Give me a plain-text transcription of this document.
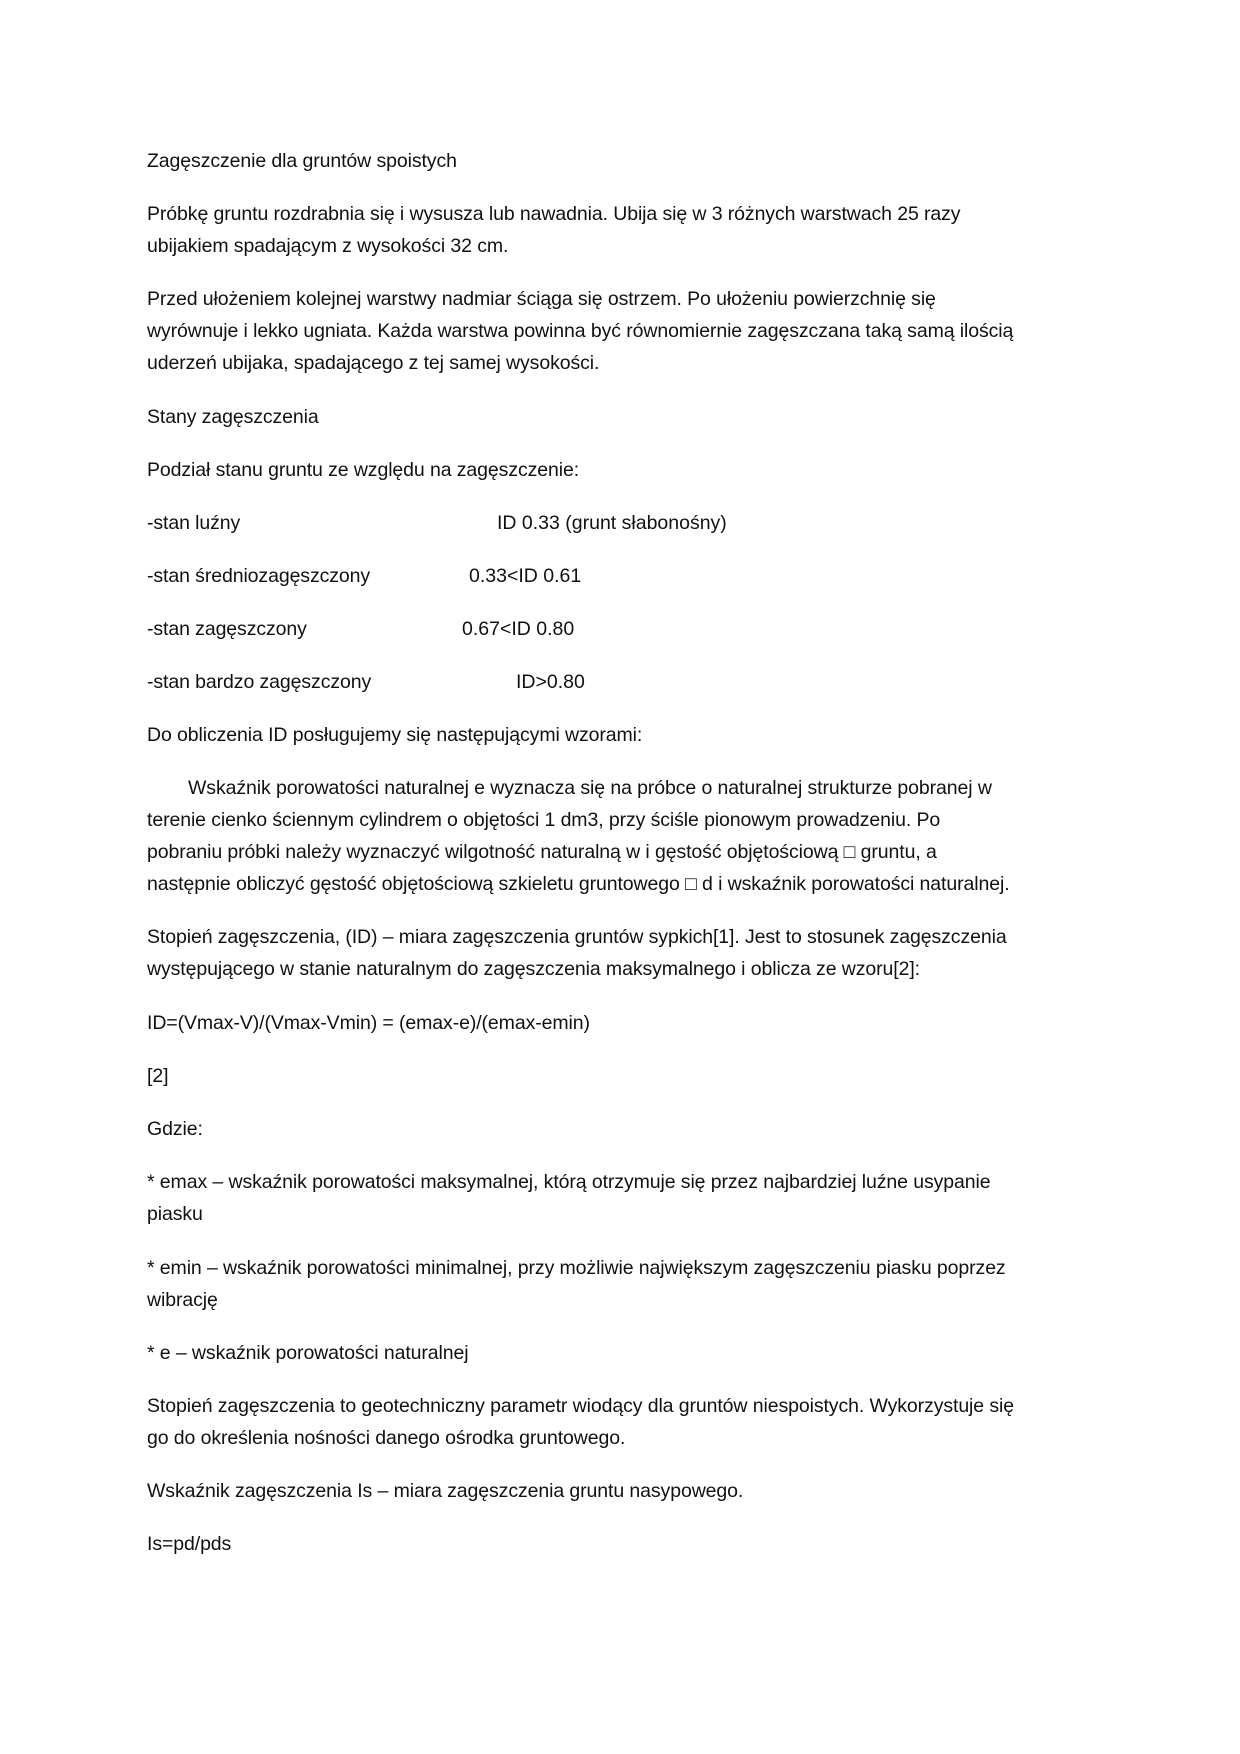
Zagęszczenie dla gruntów spoistych
Próbkę gruntu rozdrabnia się i wysusza lub nawadnia. Ubija się w 3 różnych warstwach 25 razy
ubijakiem spadającym z wysokości 32 cm.
Przed ułożeniem kolejnej warstwy nadmiar ściąga się ostrzem. Po ułożeniu powierzchnię się
wyrównuje i lekko ugniata. Każda warstwa powinna być równomiernie zagęszczana taką samą ilością
uderzeń ubijaka, spadającego z tej samej wysokości.
Stany zagęszczenia
Podział stanu gruntu ze względu na zagęszczenie:
-stan luźny	ID 0.33 (grunt słabonośny)
-stan średniozagęszczony	0.33<ID 0.61
-stan zagęszczony	0.67<ID 0.80
-stan bardzo zagęszczony	ID>0.80
Do obliczenia ID posługujemy się następującymi wzorami:
Wskaźnik porowatości naturalnej e wyznacza się na próbce o naturalnej strukturze pobranej w
terenie cienko ściennym cylindrem o objętości 1 dm3, przy ściśle pionowym prowadzeniu. Po
pobraniu próbki należy wyznaczyć wilgotność naturalną w i gęstość objętościową □ gruntu, a
następnie obliczyć gęstość objętościową szkieletu gruntowego □ d i wskaźnik porowatości naturalnej.
Stopień zagęszczenia, (ID) – miara zagęszczenia gruntów sypkich[1]. Jest to stosunek zagęszczenia
występującego w stanie naturalnym do zagęszczenia maksymalnego i oblicza ze wzoru[2]:
ID=(Vmax-V)/(Vmax-Vmin) = (emax-e)/(emax-emin)
[2]
Gdzie:
* emax – wskaźnik porowatości maksymalnej, którą otrzymuje się przez najbardziej luźne usypanie
piasku
* emin – wskaźnik porowatości minimalnej, przy możliwie największym zagęszczeniu piasku poprzez
wibrację
* e – wskaźnik porowatości naturalnej
Stopień zagęszczenia to geotechniczny parametr wiodący dla gruntów niespoistych. Wykorzystuje się
go do określenia nośności danego ośrodka gruntowego.
Wskaźnik zagęszczenia Is – miara zagęszczenia gruntu nasypowego.
Is=pd/pds
